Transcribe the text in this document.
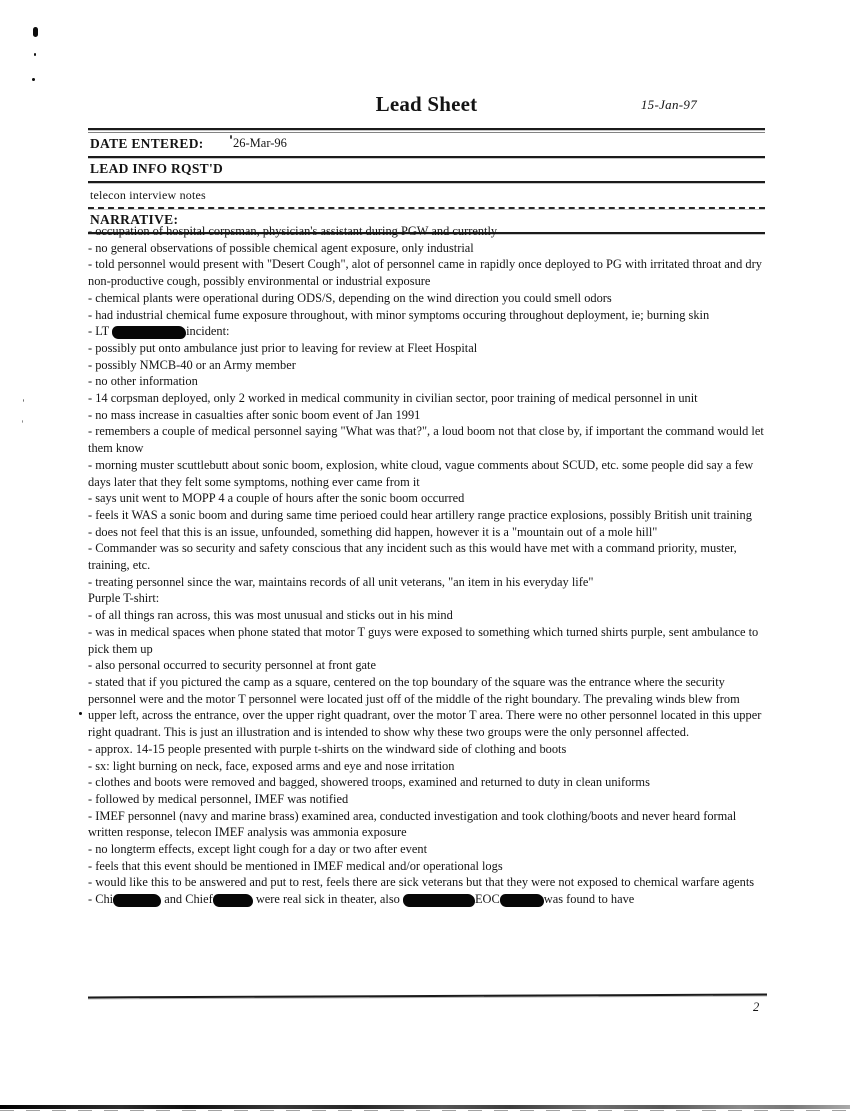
Lead Sheet	15-Jan-97
DATE ENTERED: 26-Mar-96
LEAD INFO RQST'D
telecon interview notes
NARRATIVE:

- occupation of hospital corpsman, physician's assistant during PGW and currently

- no general observations of possible chemical agent exposure, only industrial

- told personnel would present with "Desert Cough", alot of personnel came in rapidly once deployed to PG with irritated throat and dry non-productive cough, possibly environmental or industrial exposure

- chemical plants were operational during ODS/S, depending on the wind direction you could smell odors

- had industrial chemical fume exposure throughout, with minor symptoms occuring throughout deployment, ie; burning skin

- LT	incident:

- possibly put onto ambulance just prior to leaving for review at Fleet Hospital

- possibly NMCB-40 or an Army member

- no other information

- 14 corpsman deployed, only 2 worked in medical community in civilian sector, poor training of medical personnel in unit

- no mass increase in casualties after sonic boom event of Jan 1991

- remembers a couple of medical personnel saying "What was that?", a loud boom not that close by, if important the command would let them know

- morning muster scuttlebutt about sonic boom, explosion, white cloud, vague comments about SCUD, etc. some people did say a few days later that they felt some symptoms, nothing ever came from it

- says unit went to MOPP 4 a couple of hours after the sonic boom occurred

- feels it WAS a sonic boom and during same time perioed could hear artillery range practice explosions, possibly British unit training

- does not feel that this is an issue, unfounded, something did happen, however it is a "mountain out of a mole hill"

- Commander was so security and safety conscious that any incident such as this would have met with a command priority, muster, training, etc.

- treating personnel since the war, maintains records of all unit veterans, "an item in his everyday life"

Purple T-shirt:

- of all things ran across, this was most unusual and sticks out in his mind

- was in medical spaces when phone stated that motor T guys were exposed to something which turned shirts purple, sent ambulance to pick them up

- also personal occurred to security personnel at front gate

- stated that if you pictured the camp as a square, centered on the top boundary of the square was the entrance where the security personnel were and the motor T personnel were located just off of the middle of the right boundary. The prevaling winds blew from upper left, across the entrance, over the upper right quadrant, over the motor T area. There were no other personnel located in this upper right quadrant. This is just an illustration and is intended to show why these two groups were the only personnel affected.

- approx. 14-15 people presented with purple t-shirts on the windward side of clothing and boots

- sx: light burning on neck, face, exposed arms and eye and nose irritation

- clothes and boots were removed and bagged, showered troops, examined and returned to duty in clean uniforms

- followed by medical personnel, IMEF was notified

- IMEF personnel (navy and marine brass) examined area, conducted investigation and took clothing/boots and never heard formal written response, telecon IMEF analysis was ammonia exposure

- no longterm effects, except light cough for a day or two after event

- feels that this event should be mentioned in IMEF medical and/or operational logs

- would like this to be answered and put to rest, feels there are sick veterans but that they were not exposed to chemical warfare agents

- Chi	and Chief	were real sick in theater, also	EOC	was found to have

2
